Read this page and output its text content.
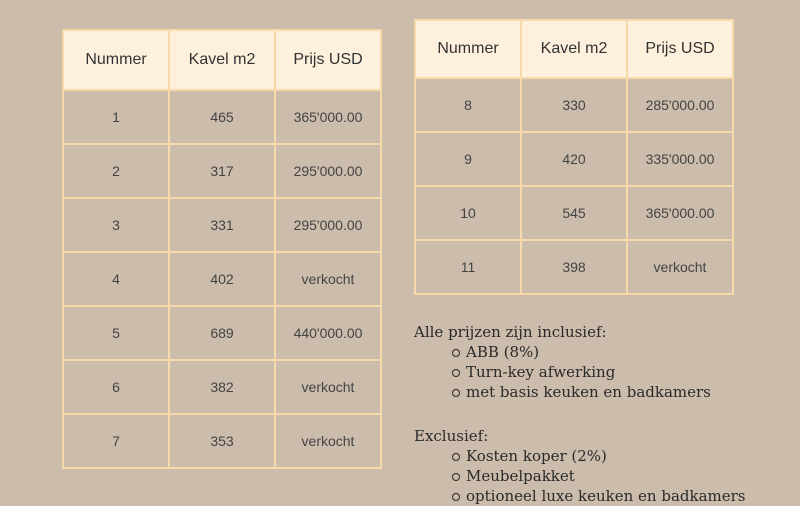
Nummer	Kavel m2	Prijs USD
1	465	365'000.00
2	317	295'000.00
3	331	295'000.00
4	402	verkocht
5	689	440'000.00
6	382	verkocht
7	353	verkocht
Nummer	Kavel m2	Prijs USD
8	330	285'000.00
9	420	335'000.00
10	545	365'000.00
11	398	verkocht
Alle prijzen zijn inclusief:
ABB (8%)
Turn-key afwerking
met basis keuken en badkamers
Exclusief:
Kosten koper (2%)
Meubelpakket
optioneel luxe keuken en badkamers
